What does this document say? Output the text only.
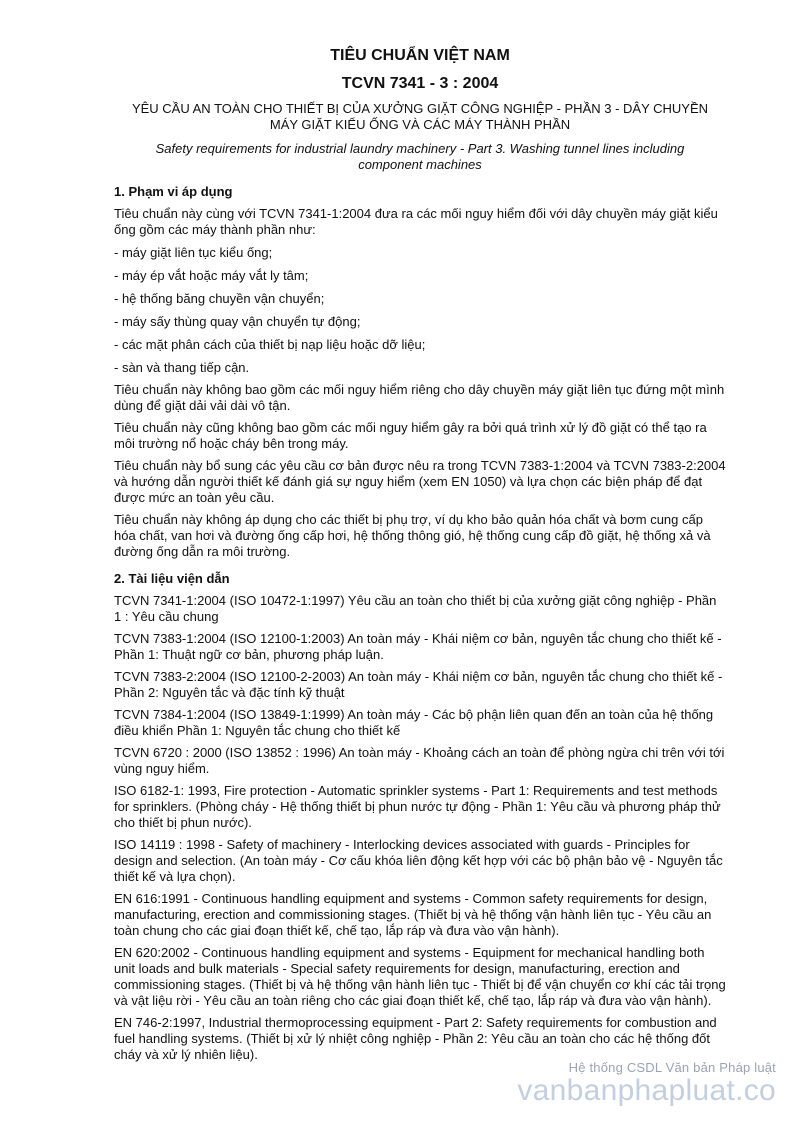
TIÊU CHUẨN VIỆT NAM
TCVN 7341 - 3 : 2004
YÊU CẦU AN TOÀN CHO THIẾT BỊ CỦA XƯỞNG GIẶT CÔNG NGHIỆP - PHẦN 3 - DÂY CHUYỀN
MÁY GIẶT KIỂU ỐNG VÀ CÁC MÁY THÀNH PHẦN
Safety requirements for industrial laundry machinery - Part 3. Washing tunnel lines including
component machines
1. Phạm vi áp dụng

Tiêu chuẩn này cùng với TCVN 7341-1:2004 đưa ra các mối nguy hiểm đối với dây chuyền máy giặt kiểu ống gồm các máy thành phần như:

- máy giặt liên tục kiểu ống;

- máy ép vắt hoặc máy vắt ly tâm;

- hệ thống băng chuyền vận chuyển;

- máy sấy thùng quay vận chuyển tự động;

- các mặt phân cách của thiết bị nạp liệu hoặc dỡ liệu;

- sàn và thang tiếp cận.

Tiêu chuẩn này không bao gồm các mối nguy hiểm riêng cho dây chuyền máy giặt liên tục đứng một mình dùng để giặt dải vải dài vô tận.

Tiêu chuẩn này cũng không bao gồm các mối nguy hiểm gây ra bởi quá trình xử lý đồ giặt có thể tạo ra môi trường nổ hoặc cháy bên trong máy.

Tiêu chuẩn này bổ sung các yêu cầu cơ bản được nêu ra trong TCVN 7383-1:2004 và TCVN 7383-2:2004 và hướng dẫn người thiết kế đánh giá sự nguy hiểm (xem EN 1050) và lựa chọn các biện pháp để đạt được mức an toàn yêu cầu.

Tiêu chuẩn này không áp dụng cho các thiết bị phụ trợ, ví dụ kho bảo quản hóa chất và bơm cung cấp hóa chất, van hơi và đường ống cấp hơi, hệ thống thông gió, hệ thống cung cấp đồ giặt, hệ thống xả và đường ống dẫn ra môi trường.

2. Tài liệu viện dẫn

TCVN 7341-1:2004 (ISO 10472-1:1997) Yêu cầu an toàn cho thiết bị của xưởng giặt công nghiệp - Phần 1 : Yêu cầu chung

TCVN 7383-1:2004 (ISO 12100-1:2003) An toàn máy - Khái niệm cơ bản, nguyên tắc chung cho thiết kế - Phần 1: Thuật ngữ cơ bản, phương pháp luận.

TCVN 7383-2:2004 (ISO 12100-2-2003) An toàn máy - Khái niệm cơ bản, nguyên tắc chung cho thiết kế - Phần 2: Nguyên tắc và đặc tính kỹ thuật

TCVN 7384-1:2004 (ISO 13849-1:1999) An toàn máy - Các bộ phận liên quan đến an toàn của hệ thống điều khiển Phần 1: Nguyên tắc chung cho thiết kế

TCVN 6720 : 2000 (ISO 13852 : 1996) An toàn máy - Khoảng cách an toàn để phòng ngừa chi trên với tới vùng nguy hiểm.

ISO 6182-1: 1993, Fire protection - Automatic sprinkler systems - Part 1: Requirements and test methods for sprinklers. (Phòng cháy - Hệ thống thiết bị phun nước tự động - Phần 1: Yêu cầu và phương pháp thử cho thiết bị phun nước).

ISO 14119 : 1998 - Safety of machinery - Interlocking devices associated with guards - Principles for design and selection. (An toàn máy - Cơ cấu khóa liên động kết hợp với các bộ phận bảo vệ - Nguyên tắc thiết kế và lựa chọn).

EN 616:1991 - Continuous handling equipment and systems - Common safety requirements for design, manufacturing, erection and commissioning stages. (Thiết bị và hệ thống vận hành liên tục - Yêu cầu an toàn chung cho các giai đoạn thiết kế, chế tạo, lắp ráp và đưa vào vận hành).

EN 620:2002 - Continuous handling equipment and systems - Equipment for mechanical handling both unit loads and bulk materials - Special safety requirements for design, manufacturing, erection and commissioning stages. (Thiết bị và hệ thống vận hành liên tục - Thiết bị để vận chuyển cơ khí các tải trọng và vật liệu rời - Yêu cầu an toàn riêng cho các giai đoạn thiết kế, chế tạo, lắp ráp và đưa vào vận hành).

EN 746-2:1997, Industrial thermoprocessing equipment - Part 2: Safety requirements for combustion and fuel handling systems. (Thiết bị xử lý nhiệt công nghiệp - Phần 2: Yêu cầu an toàn cho các hệ thống đốt cháy và xử lý nhiên liệu).

Hệ thống CSDL Văn bản Pháp luật
vanbanphapluat.co
